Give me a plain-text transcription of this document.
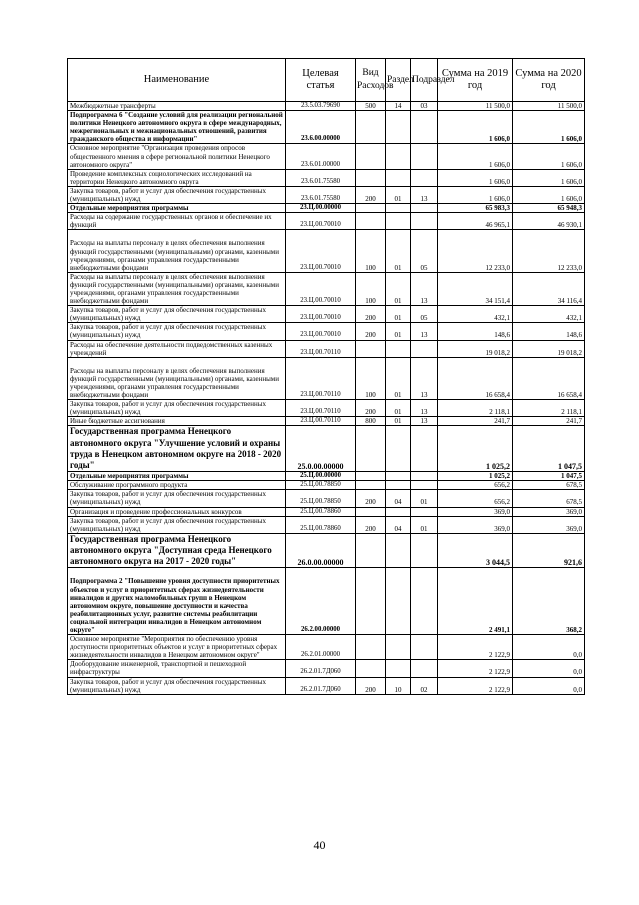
Наименование	Целевая статья	Вид Расходов	Раздел	Подраздел	Сумма на 2019 год	Сумма на 2020 год
Межбюджетные трансферты	23.5.03.79690	500	14	03	11 500,0	11 500,0
Подпрограмма 6 "Создание условий для реализации региональной политики Ненецкого автономного округа в сфере международных, межрегиональных и межнациональных отношений, развития гражданского общества и информации"	23.6.00.00000				1 606,0	1 606,0
Основное мероприятие "Организация проведения опросов общественного мнения в сфере региональной политики Ненецкого автономного округа"	23.6.01.00000				1 606,0	1 606,0
Проведение комплексных социологических исследований на территории Ненецкого автономного округа	23.6.01.75580				1 606,0	1 606,0
Закупка товаров, работ и услуг для обеспечения государственных (муниципальных) нужд	23.6.01.75580	200	01	13	1 606,0	1 606,0
Отдельные мероприятия программы	23.Ц.00.00000				65 983,3	65 948,3
Расходы на содержание государственных органов и обеспечение их функций	23.Ц.00.70010				46 965,1	46 930,1
Расходы на выплаты персоналу в целях обеспечения выполнения функций государственными (муниципальными) органами, казенными учреждениями, органами управления государственными внебюджетными фондами	23.Ц.00.70010	100	01	05	12 233,0	12 233,0
Расходы на выплаты персоналу в целях обеспечения выполнения функций государственными (муниципальными) органами, казенными учреждениями, органами управления государственными внебюджетными фондами	23.Ц.00.70010	100	01	13	34 151,4	34 116,4
Закупка товаров, работ и услуг для обеспечения государственных (муниципальных) нужд	23.Ц.00.70010	200	01	05	432,1	432,1
Закупка товаров, работ и услуг для обеспечения государственных (муниципальных) нужд	23.Ц.00.70010	200	01	13	148,6	148,6
Расходы на обеспечение деятельности подведомственных казенных учреждений	23.Ц.00.70110				19 018,2	19 018,2
Расходы на выплаты персоналу в целях обеспечения выполнения функций государственными (муниципальными) органами, казенными учреждениями, органами управления государственными внебюджетными фондами	23.Ц.00.70110	100	01	13	16 658,4	16 658,4
Закупка товаров, работ и услуг для обеспечения государственных (муниципальных) нужд	23.Ц.00.70110	200	01	13	2 118,1	2 118,1
Иные бюджетные ассигнования	23.Ц.00.70110	800	01	13	241,7	241,7
Государственная программа Ненецкого автономного округа "Улучшение условий и охраны труда в Ненецком автономном округе на 2018 - 2020 годы"	25.0.00.00000				1 025,2	1 047,5
Отдельные мероприятия программы	25.Ц.00.00000				1 025,2	1 047,5
Обслуживание программного продукта	25.Ц.00.78850				656,2	678,5
Закупка товаров, работ и услуг для обеспечения государственных (муниципальных) нужд	25.Ц.00.78850	200	04	01	656,2	678,5
Организация и проведение профессиональных конкурсов	25.Ц.00.78860				369,0	369,0
Закупка товаров, работ и услуг для обеспечения государственных (муниципальных) нужд	25.Ц.00.78860	200	04	01	369,0	369,0
Государственная программа Ненецкого автономного округа "Доступная среда Ненецкого автономного округа на 2017 - 2020 годы"	26.0.00.00000				3 044,5	921,6
Подпрограмма 2 "Повышение уровня доступности приоритетных объектов и услуг в приоритетных сферах жизнедеятельности инвалидов и других маломобильных групп в Ненецком автономном округе, повышение доступности и качества реабилитационных услуг, развитие системы реабилитации социальной интеграции инвалидов в Ненецком автономном округе"	26.2.00.00000				2 491,1	368,2
Основное мероприятие "Мероприятия по обеспечению уровня доступности приоритетных объектов и услуг в приоритетных сферах жизнедеятельности инвалидов в Ненецком автономном округе"	26.2.01.00000				2 122,9	0,0
Дооборудование инженерной, транспортной и пешеходной инфраструктуры	26.2.01.7Д060				2 122,9	0,0
Закупка товаров, работ и услуг для обеспечения государственных (муниципальных) нужд	26.2.01.7Д060	200	10	02	2 122,9	0,0
40
